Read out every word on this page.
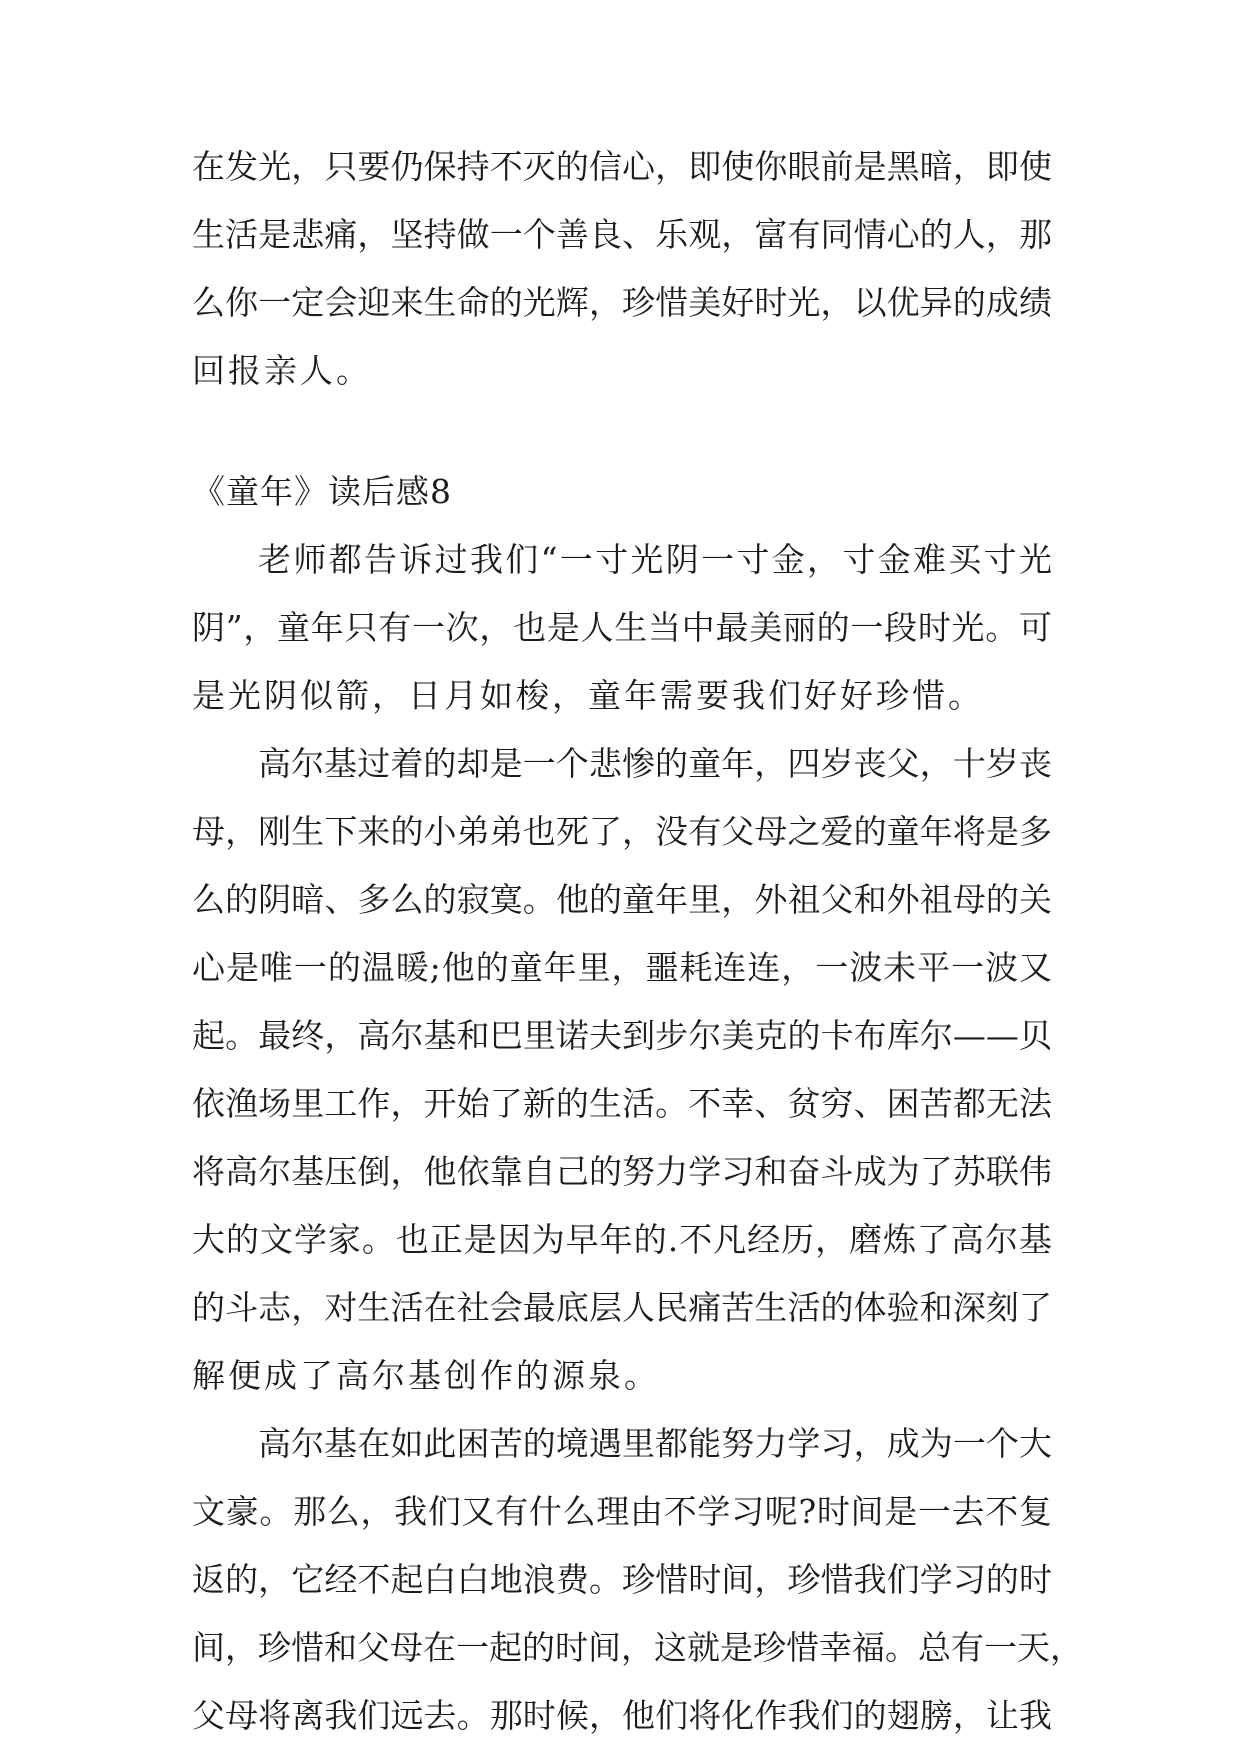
在发光，只要仍保持不灭的信心，即使你眼前是黑暗，即使
生活是悲痛，坚持做一个善良、乐观，富有同情心的人，那
么你一定会迎来生命的光辉，珍惜美好时光，以优异的成绩
回报亲人。
《童年》读后感8
老师都告诉过我们“一寸光阴一寸金，寸金难买寸光
阴”，童年只有一次，也是人生当中最美丽的一段时光。可
是光阴似箭，日月如梭，童年需要我们好好珍惜。
高尔基过着的却是一个悲惨的童年，四岁丧父，十岁丧
母，刚生下来的小弟弟也死了，没有父母之爱的童年将是多
么的阴暗、多么的寂寞。他的童年里，外祖父和外祖母的关
心是唯一的温暖;他的童年里，噩耗连连，一波未平一波又
起。最终，高尔基和巴里诺夫到步尔美克的卡布库尔——贝
依渔场里工作，开始了新的生活。不幸、贫穷、困苦都无法
将高尔基压倒，他依靠自己的努力学习和奋斗成为了苏联伟
大的文学家。也正是因为早年的.不凡经历，磨炼了高尔基
的斗志，对生活在社会最底层人民痛苦生活的体验和深刻了
解便成了高尔基创作的源泉。
高尔基在如此困苦的境遇里都能努力学习，成为一个大
文豪。那么，我们又有什么理由不学习呢?时间是一去不复
返的，它经不起白白地浪费。珍惜时间，珍惜我们学习的时
间，珍惜和父母在一起的时间，这就是珍惜幸福。总有一天，
父母将离我们远去。那时候，他们将化作我们的翅膀，让我
